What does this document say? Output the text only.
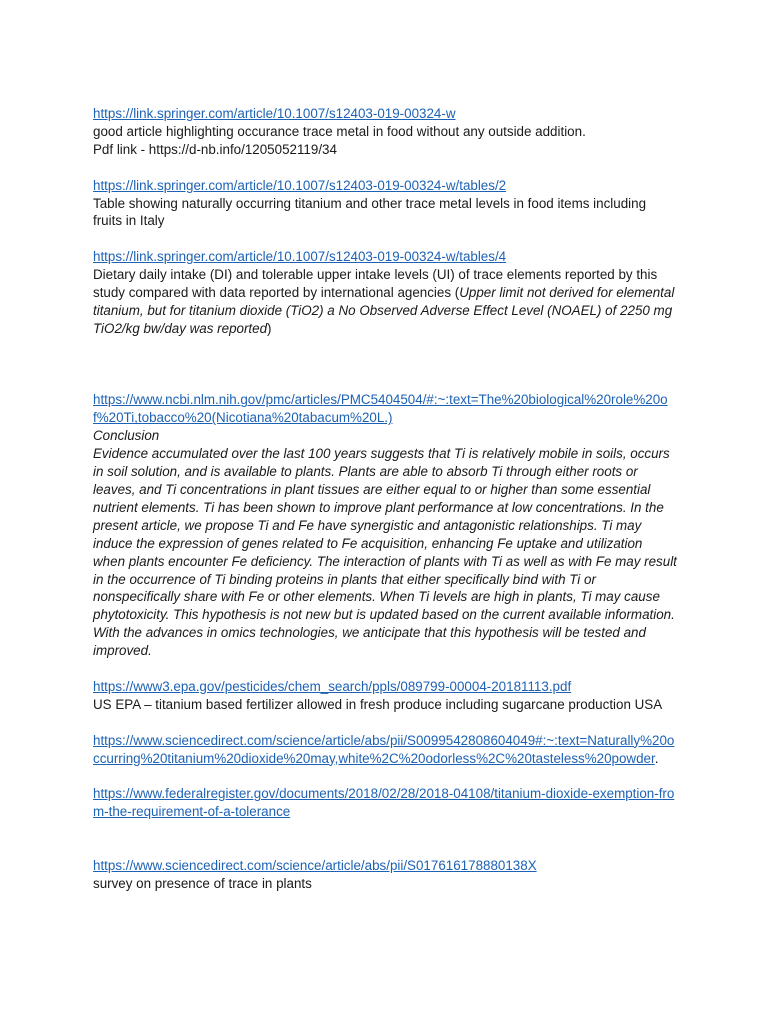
https://link.springer.com/article/10.1007/s12403-019-00324-w
good article highlighting occurance trace metal in food without any outside addition.
Pdf link - https://d-nb.info/1205052119/34
https://link.springer.com/article/10.1007/s12403-019-00324-w/tables/2
Table showing naturally occurring titanium and other trace metal levels in food items including fruits in Italy
https://link.springer.com/article/10.1007/s12403-019-00324-w/tables/4

Dietary daily intake (DI) and tolerable upper intake levels (UI) of trace elements reported by this study compared with data reported by international agencies (Upper limit not derived for elemental titanium, but for titanium dioxide (TiO2) a No Observed Adverse Effect Level (NOAEL) of 2250 mg TiO2/kg bw/day was reported)

https://www.ncbi.nlm.nih.gov/pmc/articles/PMC5404504/#:~:text=The%20biological%20role%20of%20Ti,tobacco%20(Nicotiana%20tabacum%20L.)
Conclusion

Evidence accumulated over the last 100 years suggests that Ti is relatively mobile in soils, occurs in soil solution, and is available to plants. Plants are able to absorb Ti through either roots or leaves, and Ti concentrations in plant tissues are either equal to or higher than some essential nutrient elements. Ti has been shown to improve plant performance at low concentrations. In the present article, we propose Ti and Fe have synergistic and antagonistic relationships. Ti may induce the expression of genes related to Fe acquisition, enhancing Fe uptake and utilization when plants encounter Fe deficiency. The interaction of plants with Ti as well as with Fe may result in the occurrence of Ti binding proteins in plants that either specifically bind with Ti or nonspecifically share with Fe or other elements. When Ti levels are high in plants, Ti may cause phytotoxicity. This hypothesis is not new but is updated based on the current available information. With the advances in omics technologies, we anticipate that this hypothesis will be tested and improved.

https://www3.epa.gov/pesticides/chem_search/ppls/089799-00004-20181113.pdf
US EPA – titanium based fertilizer allowed in fresh produce including sugarcane production USA

https://www.sciencedirect.com/science/article/abs/pii/S0099542808604049#:~:text=Naturally%20occurring%20titanium%20dioxide%20may,white%2C%20odorless%2C%20tasteless%20powder.

https://www.federalregister.gov/documents/2018/02/28/2018-04108/titanium-dioxide-exemption-from-the-requirement-of-a-tolerance
https://www.sciencedirect.com/science/article/abs/pii/S017616178880138X
survey on presence of trace in plants
